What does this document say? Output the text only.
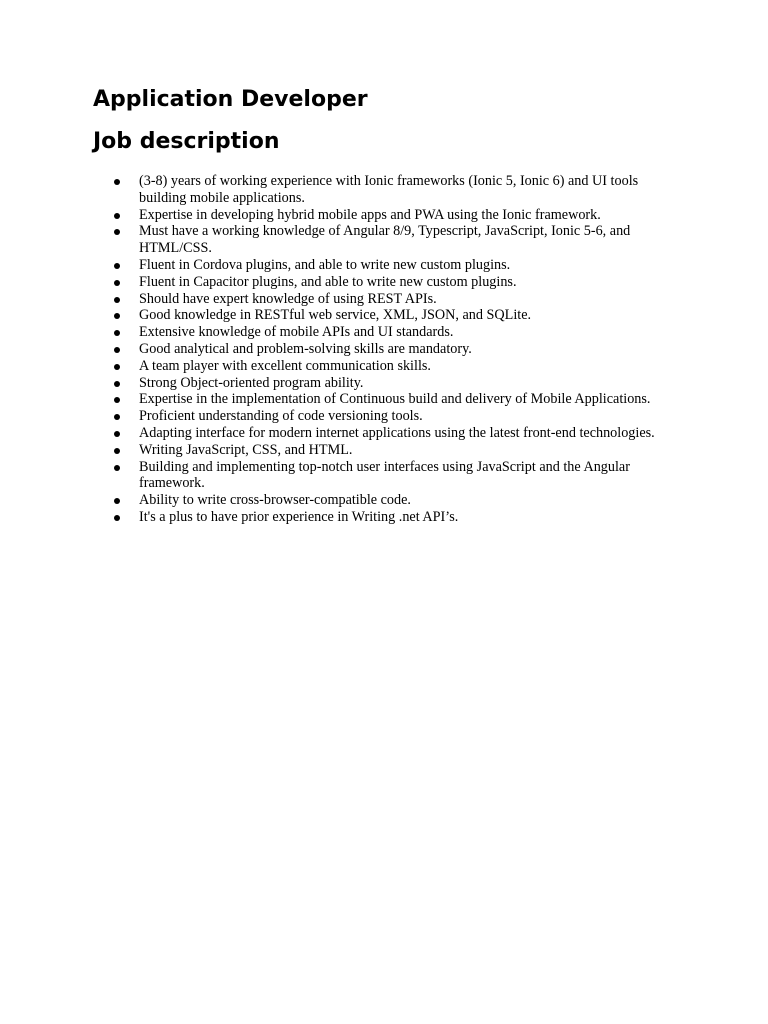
Application Developer
Job description
(3-8) years of working experience with Ionic frameworks (Ionic 5, Ionic 6) and UI tools building mobile applications.
Expertise in developing hybrid mobile apps and PWA using the Ionic framework.
Must have a working knowledge of Angular 8/9, Typescript, JavaScript, Ionic 5-6, and HTML/CSS.
Fluent in Cordova plugins, and able to write new custom plugins.
Fluent in Capacitor plugins, and able to write new custom plugins.
Should have expert knowledge of using REST APIs.
Good knowledge in RESTful web service, XML, JSON, and SQLite.
Extensive knowledge of mobile APIs and UI standards.
Good analytical and problem-solving skills are mandatory.
A team player with excellent communication skills.
Strong Object-oriented program ability.
Expertise in the implementation of Continuous build and delivery of Mobile Applications.
Proficient understanding of code versioning tools.
Adapting interface for modern internet applications using the latest front-end technologies.
Writing JavaScript, CSS, and HTML.
Building and implementing top-notch user interfaces using JavaScript and the Angular framework.
Ability to write cross-browser-compatible code.
It's a plus to have prior experience in Writing .net API’s.
